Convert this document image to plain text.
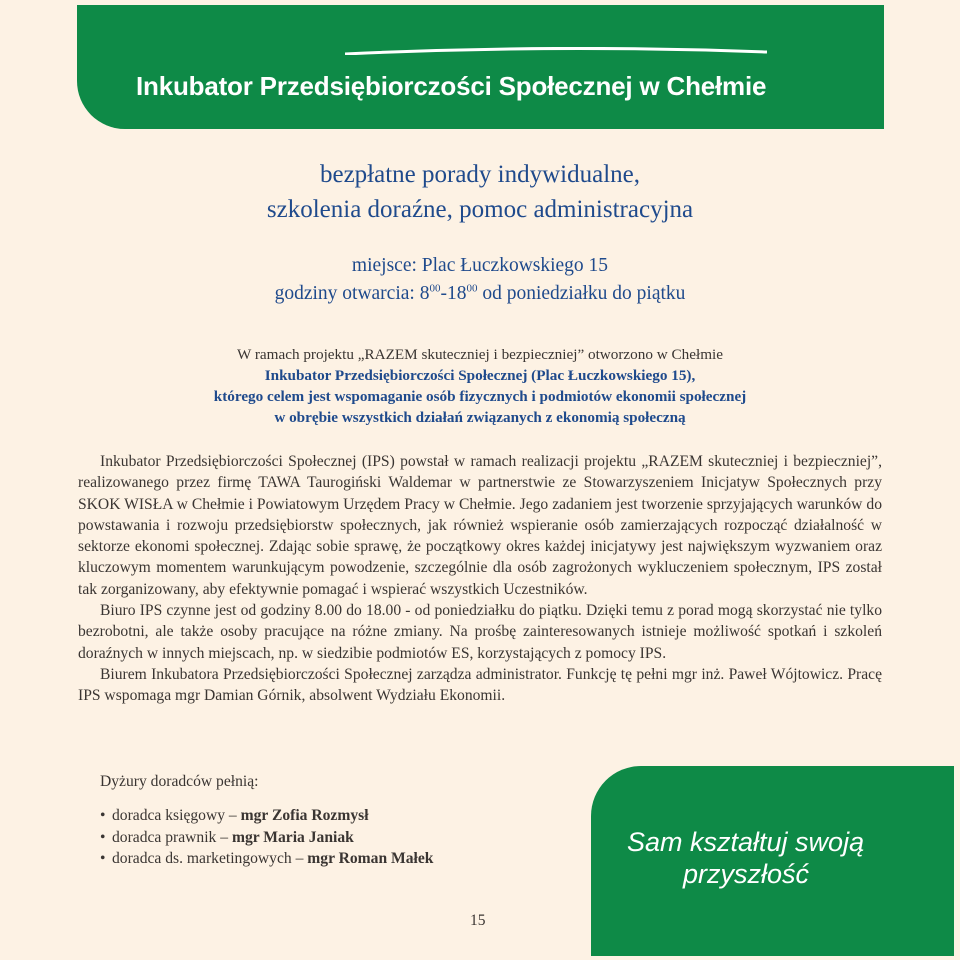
Inkubator Przedsiębiorczości Społecznej w Chełmie

bezpłatne porady indywidualne,

szkolenia doraźne, pomoc administracyjna

miejsce: Plac Łuczkowskiego 15

godziny otwarcia: $8^{00}-18^{00}$ od poniedziałku do piątku

W ramach projektu „RAZEM skuteczniej i bezpieczniej” otworzono w Chełmie

Inkubator Przedsiębiorczości Społecznej (Plac Łuczkowskiego 15),

którego celem jest wspomaganie osób fizycznych i podmiotów ekonomii społecznej

w obrębie wszystkich działań związanych z ekonomią społeczną

Inkubator Przedsiębiorczości Społecznej (IPS) powstał w ramach realizacji projektu „RAZEM skuteczniej i bezpieczniej”, realizowanego przez firmę TAWA Taurogiński Waldemar w partnerstwie ze Stowarzyszeniem Inicjatyw Społecznych przy SKOK WISŁA w Chełmie i Powiatowym Urzędem Pracy w Chełmie. Jego zadaniem jest tworzenie sprzyjających warunków do powstawania i rozwoju przedsiębiorstw społecznych, jak również wspieranie osób zamierzających rozpocząć działalność w sektorze ekonomi społecznej. Zdając sobie sprawę, że początkowy okres każdej inicjatywy jest największym wyzwaniem oraz kluczowym momentem warunkującym powodzenie, szczególnie dla osób zagrożonych wykluczeniem społecznym, IPS został tak zorganizowany, aby efektywnie pomagać i wspierać wszystkich Uczestników.

Biuro IPS czynne jest od godziny 8.00 do 18.00 - od poniedziałku do piątku. Dzięki temu z porad mogą skorzystać nie tylko bezrobotni, ale także osoby pracujące na różne zmiany. Na prośbę zainteresowanych istnieje możliwość spotkań i szkoleń doraźnych w innych miejscach, np. w siedzibie podmiotów ES, korzystających z pomocy IPS.

Biurem Inkubatora Przedsiębiorczości Społecznej zarządza administrator. Funkcję tę pełni mgr inż. Paweł Wójtowicz. Pracę IPS wspomaga mgr Damian Górnik, absolwent Wydziału Ekonomii.

Dyżury doradców pełnią:

• doradca księgowy – mgr Zofia Rozmysł
• doradca prawnik – mgr Maria Janiak
• doradca ds. marketingowych – mgr Roman Małek

15

Sam kształtuj swoją
przyszłość
